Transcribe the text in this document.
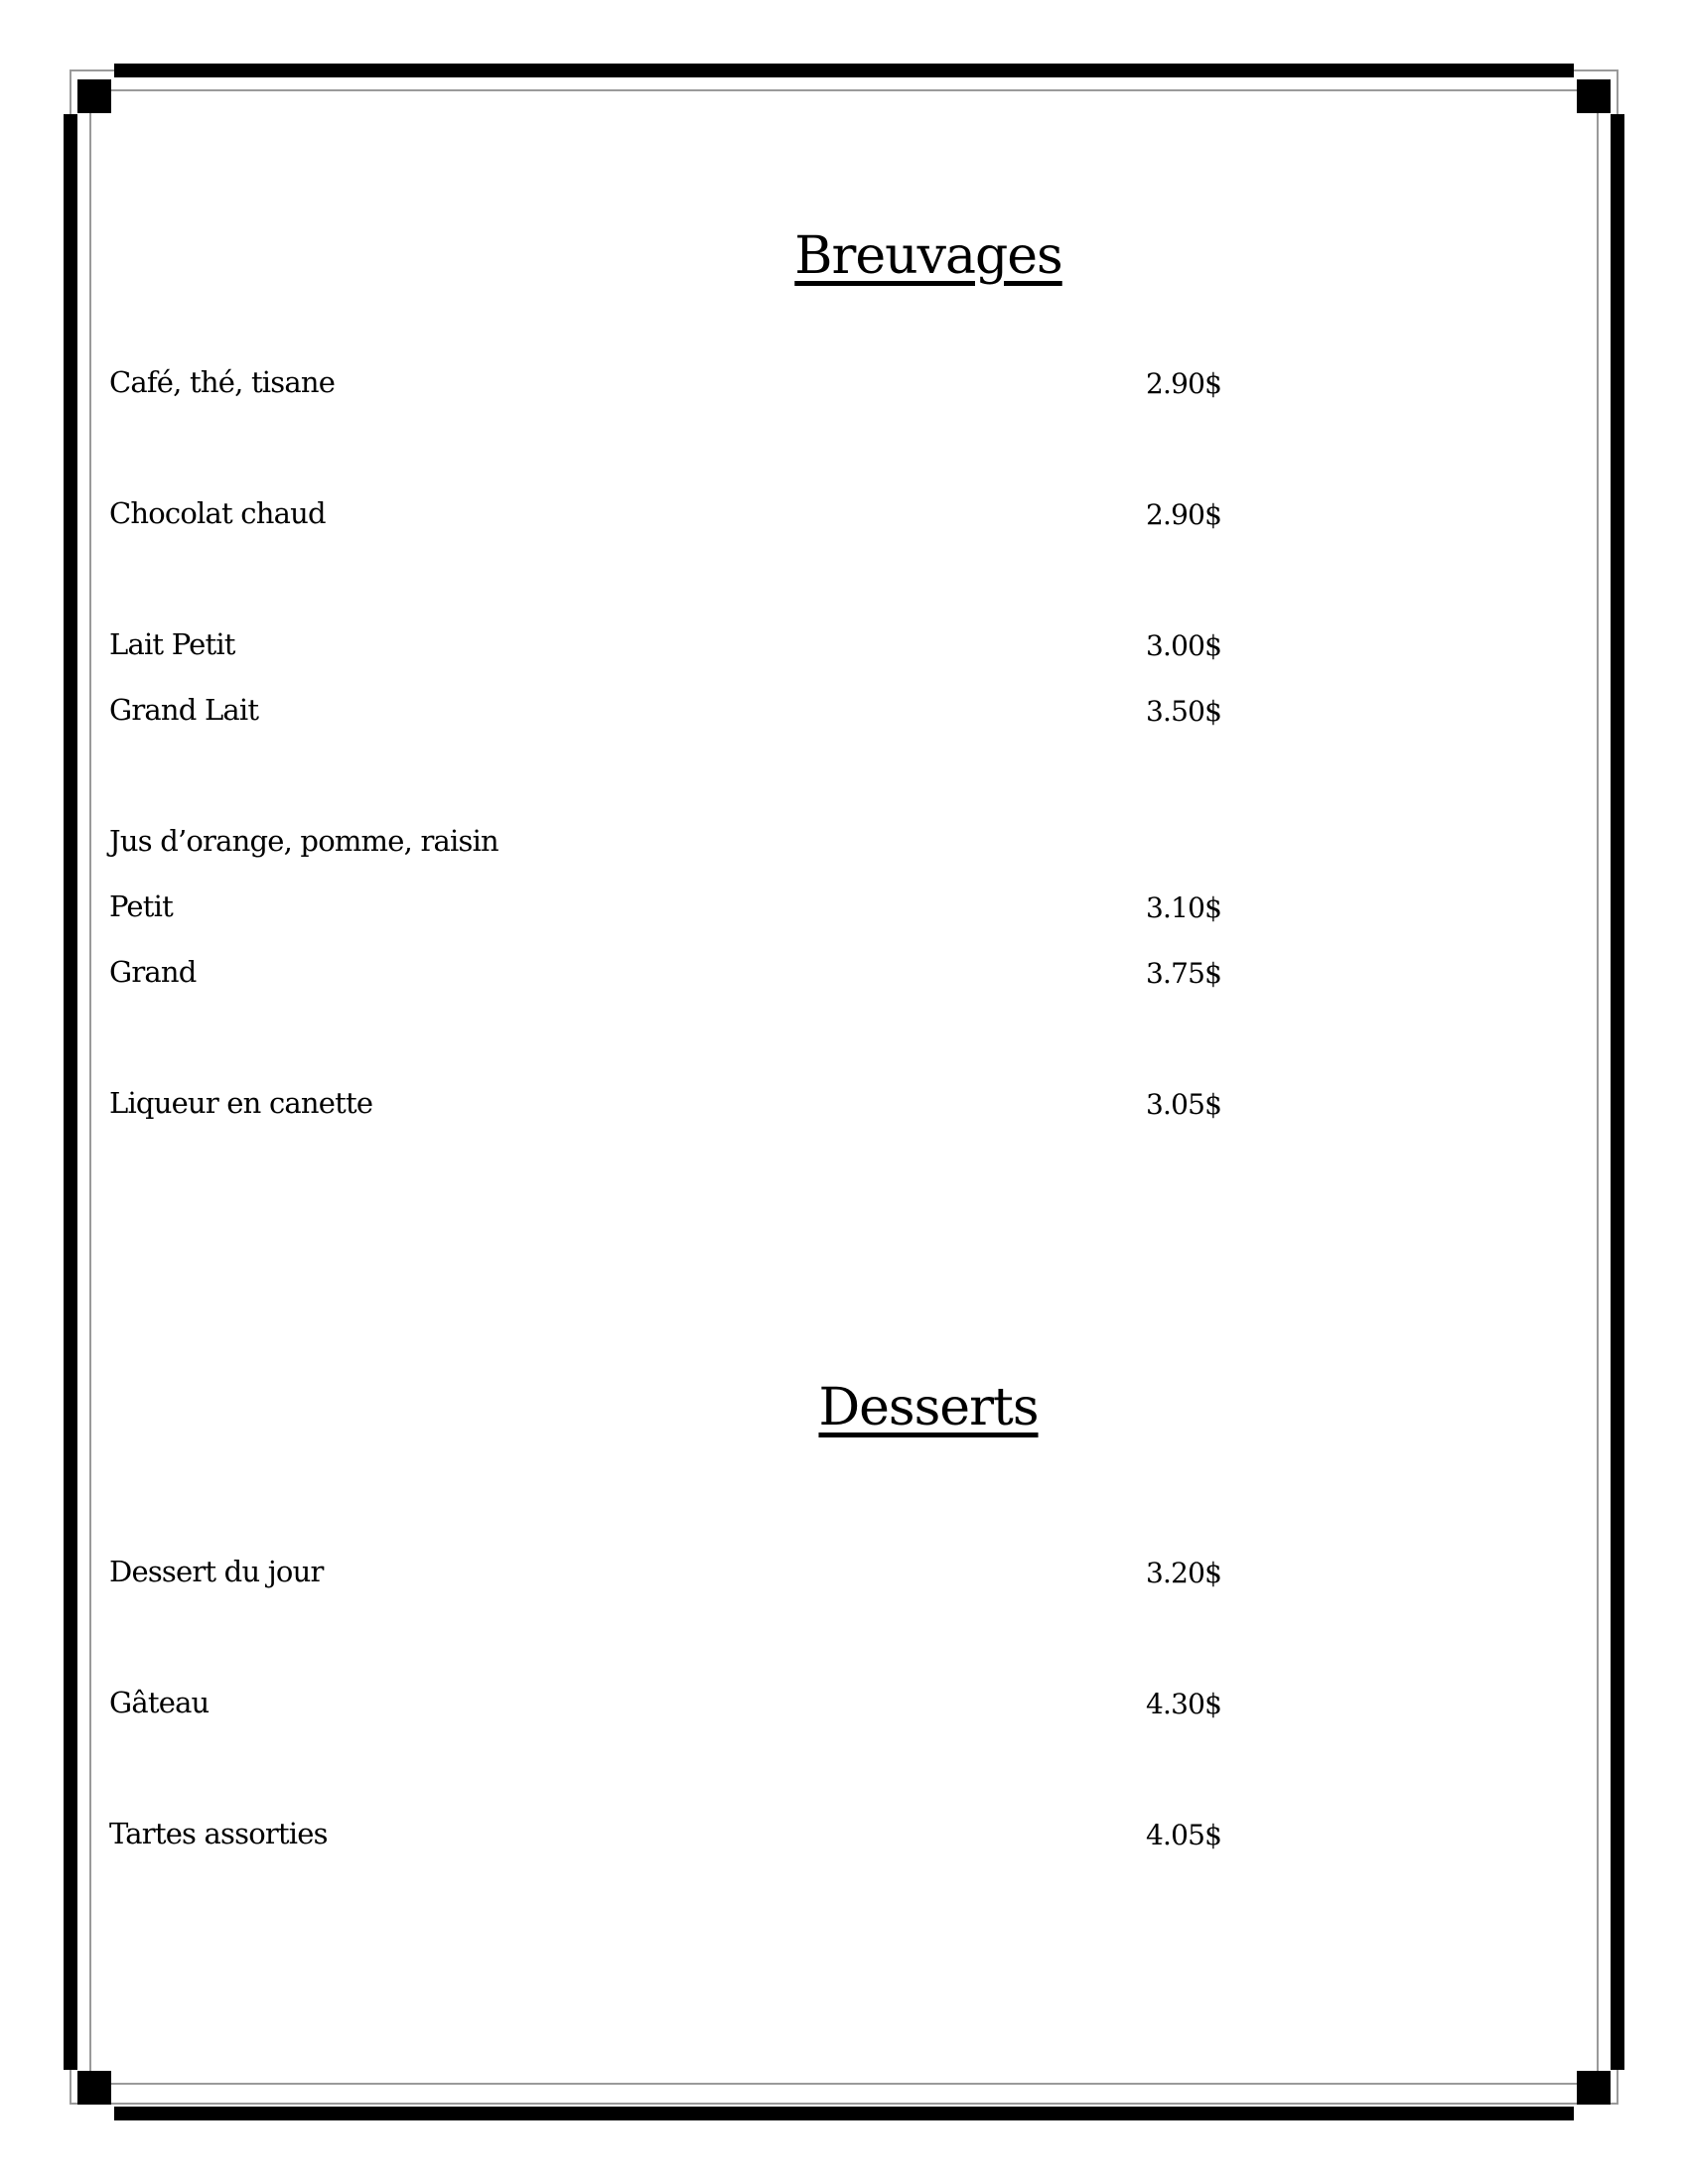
Breuvages
Café, thé, tisane	2.90$
Chocolat chaud	2.90$
Lait Petit	3.00$
Grand Lait	3.50$
Jus d’orange, pomme, raisin
Petit	3.10$
Grand	3.75$
Liqueur en canette	3.05$
Desserts
Dessert du jour	3.20$
Gâteau	4.30$
Tartes assorties	4.05$
